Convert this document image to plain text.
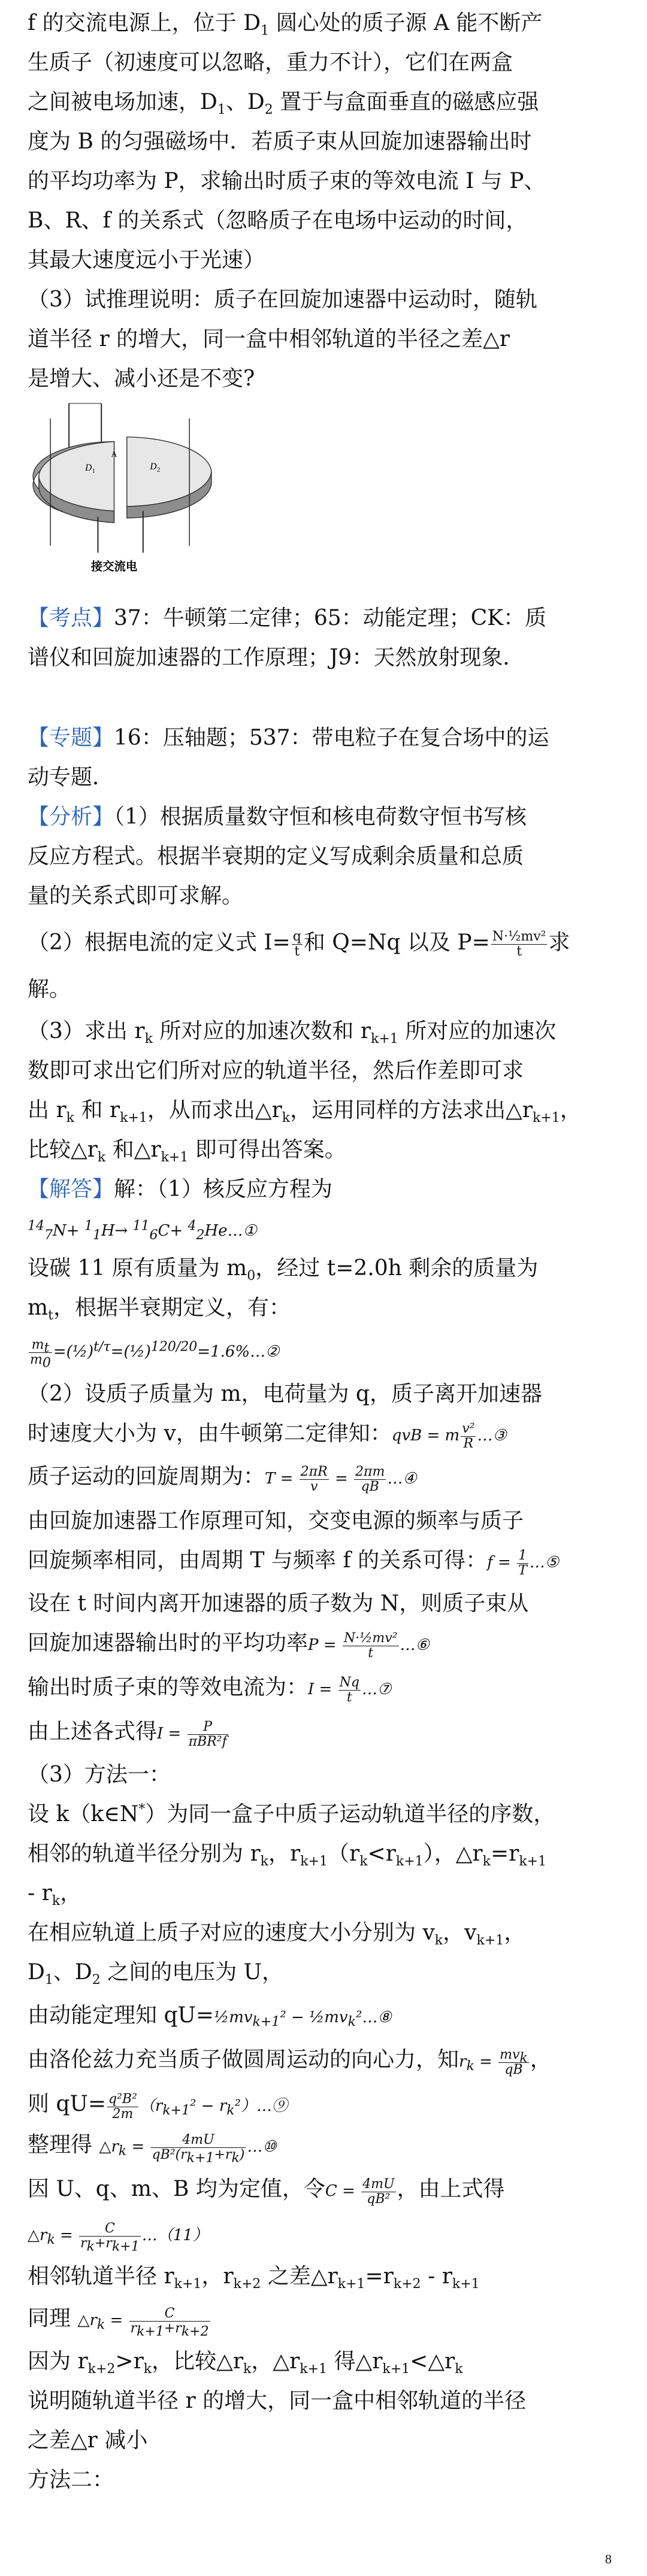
f 的交流电源上，位于 $D_1$ 圆心处的质子源 A 能不断产
生质子（初速度可以忽略，重力不计），它们在两盒
之间被电场加速，$D_1$、$D_2$ 置于与盒面垂直的磁感应强
度为 B 的匀强磁场中．若质子束从回旋加速器输出时
的平均功率为 P，求输出时质子束的等效电流 I 与 P、
B、R、f 的关系式（忽略质子在电场中运动的时间，
其最大速度远小于光速）
（3）试推理说明：质子在回旋加速器中运动时，随轨
道半径 r 的增大，同一盒中相邻轨道的半径之差△r
是增大、减小还是不变?
D 1	D 2
A
接交流电
【考点】37：牛顿第二定律；65：动能定理；CK：质
谱仪和回旋加速器的工作原理；J9：天然放射现象．
【专题】16：压轴题；537：带电粒子在复合场中的运
动专题．
【分析】（1）根据质量数守恒和核电荷数守恒书写核
反应方程式。根据半衰期的定义写成剩余质量和总质
量的关系式即可求解。
（2）根据电流的定义式 $I= \frac{q}{t}$ 和 Q=Nq 以及 $P= \frac{\text{N·½mv²}}{t}$ 求
解。
（3）求出 $r_k$ 所对应的加速次数和 $r_{k+1}$ 所对应的加速次
数即可求出它们所对应的轨道半径，然后作差即可求
出 $r_k$ 和 $r_{k+1}$，从而求出$\triangle r_k$，运用同样的方法求出$\triangle r_{k+1}$，
比较$\triangle r_k$ 和$\triangle r_{k+1}$ 即可得出答案。
【解答】解：（1）核反应方程为
$^{14}_7$N+ $^1_1$H→ $^{11}_6$C+ $^4_2$He…①
设碳 11 原有质量为 $m_0$，经过 t=2.0h 剩余的质量为
$m_t$，根据半衰期定义，有：
$\frac{m_t}{m_0}$ =(½)$^{t/\tau}$=(½)$^{120/20}$=1.6%…②
（2）设质子质量为 m，电荷量为 q，质子离开加速器
时速度大小为 v，由牛顿第二定律知：qvB = m $\frac{\text{v²}}{R}$ …③
质子运动的回旋周期为：$T = \frac{2\pi R}{v} = \frac{2\pi m}{qB}$ …④
由回旋加速器工作原理可知，交变电源的频率与质子
回旋频率相同，由周期 T 与频率 f 的关系可得：$f = \frac{1}{T}$ …⑤
设在 t 时间内离开加速器的质子数为 N，则质子束从
回旋加速器输出时的平均功率$P = \frac{\text{N·½mv²}}{t}$ …⑥
输出时质子束的等效电流为：$I = \frac{Nq}{t}$ …⑦
由上述各式得$I = \frac{P}{\text{πBR²f}}$
（3）方法一：
设 k（k∈N*）为同一盒子中质子运动轨道半径的序数，
相邻的轨道半径分别为 $r_k$，$r_{k+1}(r_k<r_{k+1})$，$\triangle r_k=r_{k+1}$
- $r_k$，
在相应轨道上质子对应的速度大小分别为 $v_k$，$v_{k+1}$，
$D_1$、$D_2$ 之间的电压为 U，
由动能定理知 $qU=\frac{1}{2}mv_{k+1}^2$ − $\frac{1}{2}mv_k^2\dots ⑧$
由洛伦兹力充当质子做圆周运动的向心力，知$r_k = \frac{mv_k}{qB}$ ，
则 $qU= \frac{\text{q²B²}}{2m} (r_{k+1}^2$ − $r_k^2)\dots ⑨$
整理得 $\triangle r_k = \frac{4mU}{qB^2(r_{k+1}+r_k)}$ …⑩
因 U、q、m、B 均为定值，令$C = \frac{4mU}{\text{qB²}}$ ，由上式得
$\triangle r_k = \frac{C}{r_k+r_{k+1}}$ …（11）
相邻轨道半径 $r_{k+1}$，$r_{k+2}$ 之差$\triangle r_{k+1}=r_{k+2} - r_{k+1}$
同理 $\triangle r_k = \frac{C}{r_{k+1}+r_{k+2}}$
因为 $r_{k+2}>r_k$，比较$\triangle r_k$，$\triangle r_{k+1}$ 得$\triangle r_{k+1}<\triangle r_k$
说明随轨道半径 r 的增大，同一盒中相邻轨道的半径
之差△r 减小
方法二：
8
